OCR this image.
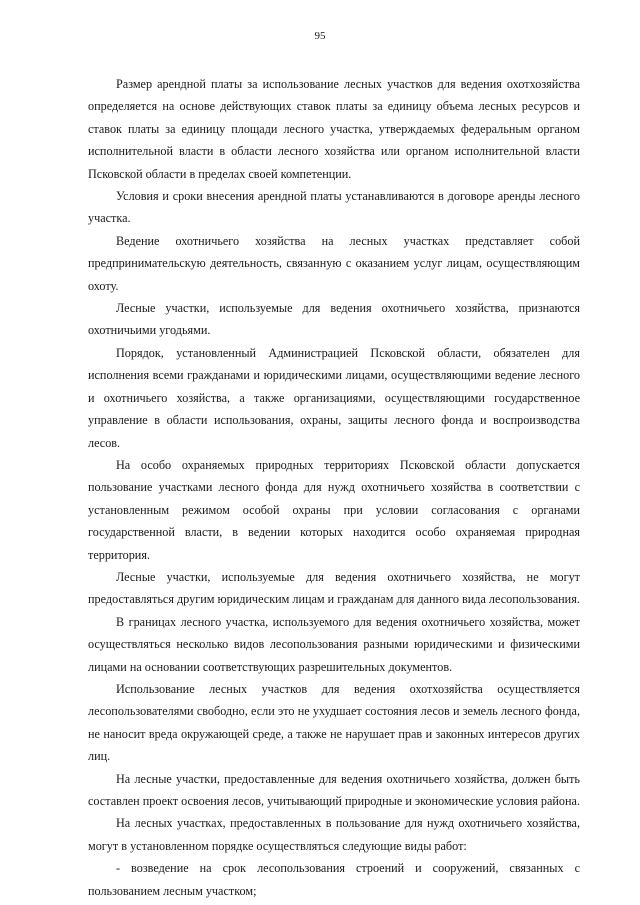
95

Размер арендной платы за использование лесных участков для ведения охотхозяйства определяется на основе действующих ставок платы за единицу объема лесных ресурсов и ставок платы за единицу площади лесного участка, утверждаемых федеральным органом исполнительной власти в области лесного хозяйства или органом исполнительной власти Псковской области в пределах своей компетенции.

Условия и сроки внесения арендной платы устанавливаются в договоре аренды лесного участка.

Ведение охотничьего хозяйства на лесных участках представляет собой предпринимательскую деятельность, связанную с оказанием услуг лицам, осуществляющим охоту.

Лесные участки, используемые для ведения охотничьего хозяйства, признаются охотничьими угодьями.

Порядок, установленный Администрацией Псковской области, обязателен для исполнения всеми гражданами и юридическими лицами, осуществляющими ведение лесного и охотничьего хозяйства, а также организациями, осуществляющими государственное управление в области использования, охраны, защиты лесного фонда и воспроизводства лесов.

На особо охраняемых природных территориях Псковской области допускается пользование участками лесного фонда для нужд охотничьего хозяйства в соответствии с установленным режимом особой охраны при условии согласования с органами государственной власти, в ведении которых находится особо охраняемая природная территория.

Лесные участки, используемые для ведения охотничьего хозяйства, не могут предоставляться другим юридическим лицам и гражданам для данного вида лесопользования.

В границах лесного участка, используемого для ведения охотничьего хозяйства, может осуществляться несколько видов лесопользования разными юридическими и физическими лицами на основании соответствующих разрешительных документов.

Использование лесных участков для ведения охотхозяйства осуществляется лесопользователями свободно, если это не ухудшает состояния лесов и земель лесного фонда, не наносит вреда окружающей среде, а также не нарушает прав и законных интересов других лиц.

На лесные участки, предоставленные для ведения охотничьего хозяйства, должен быть составлен проект освоения лесов, учитывающий природные и экономические условия района.

На лесных участках, предоставленных в пользование для нужд охотничьего хозяйства, могут в установленном порядке осуществляться следующие виды работ:

- возведение на срок лесопользования строений и сооружений, связанных с пользованием лесным участком;
